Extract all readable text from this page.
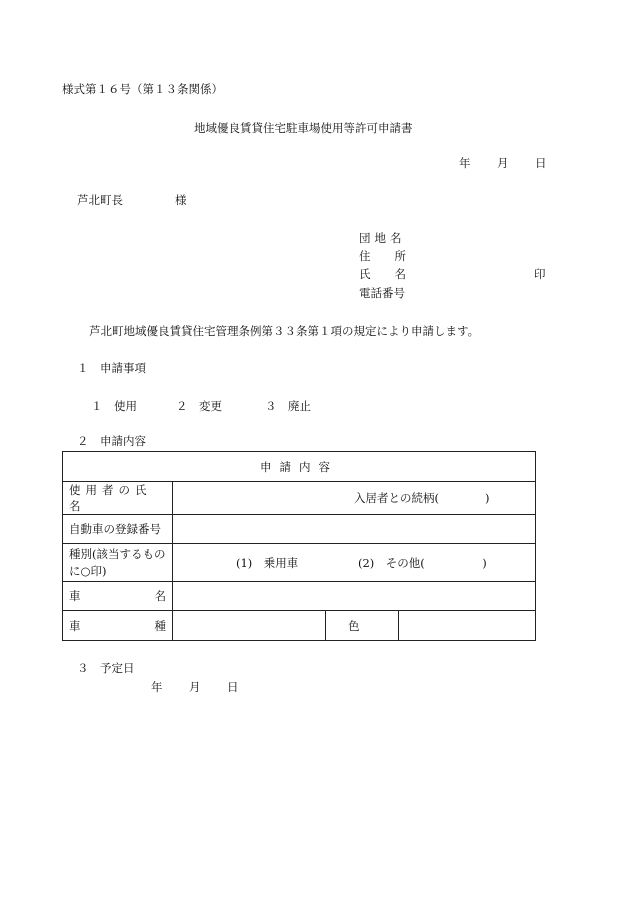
様式第１６号（第１３条関係）
地域優良賃貸住宅駐車場使用等許可申請書
年 月 日
芦北町長	様
団地名
住所
氏名	印
電話番号
芦北町地域優良賃貸住宅管理条例第３３条第１項の規定により申請します。
１　申請事項
１　使用	２　変更	３　廃止
２　申請内容
申請内容			
使用者の氏名	入居者との続柄(　　　　)		
自動車の登録番号			

種別(該当するもの
に○印)	(1)　乗用車 (2)　その他(　　　　　)		

車 名			

車 種		色	
３　予定日
年 月 日
